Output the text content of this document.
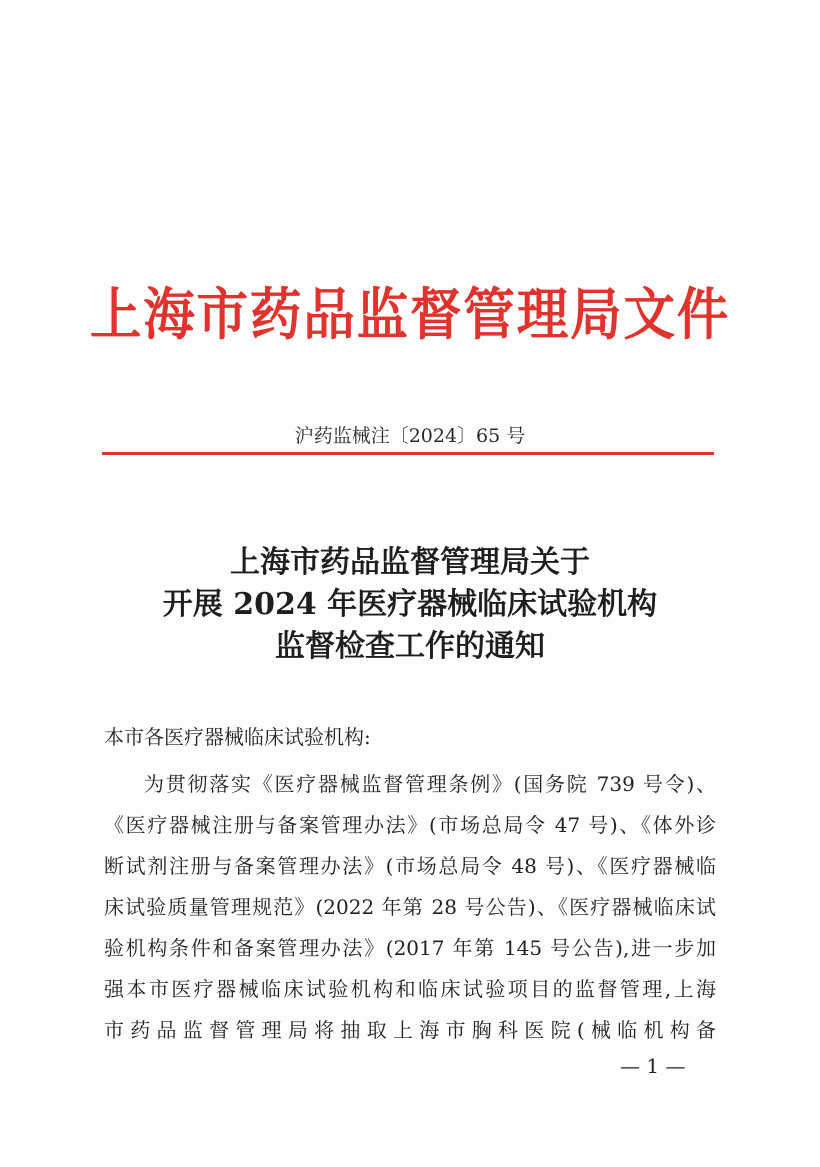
上海市药品监督管理局文件
沪药监械注〔2024〕65 号
上海市药品监督管理局关于
开展 2024 年医疗器械临床试验机构
监督检查工作的通知
本市各医疗器械临床试验机构:
为贯彻落实《医疗器械监督管理条例》(国务院 739 号令)、
《医疗器械注册与备案管理办法》(市场总局令 47 号)、《体外诊
断试剂注册与备案管理办法》(市场总局令 48 号)、《医疗器械临
床试验质量管理规范》(2022 年第 28 号公告)、《医疗器械临床试
验机构条件和备案管理办法》(2017 年第 145 号公告),进一步加
强本市医疗器械临床试验机构和临床试验项目的监督管理,上海
市药品监督管理局将抽取上海市胸科医院(械临机构备
— 1 —
